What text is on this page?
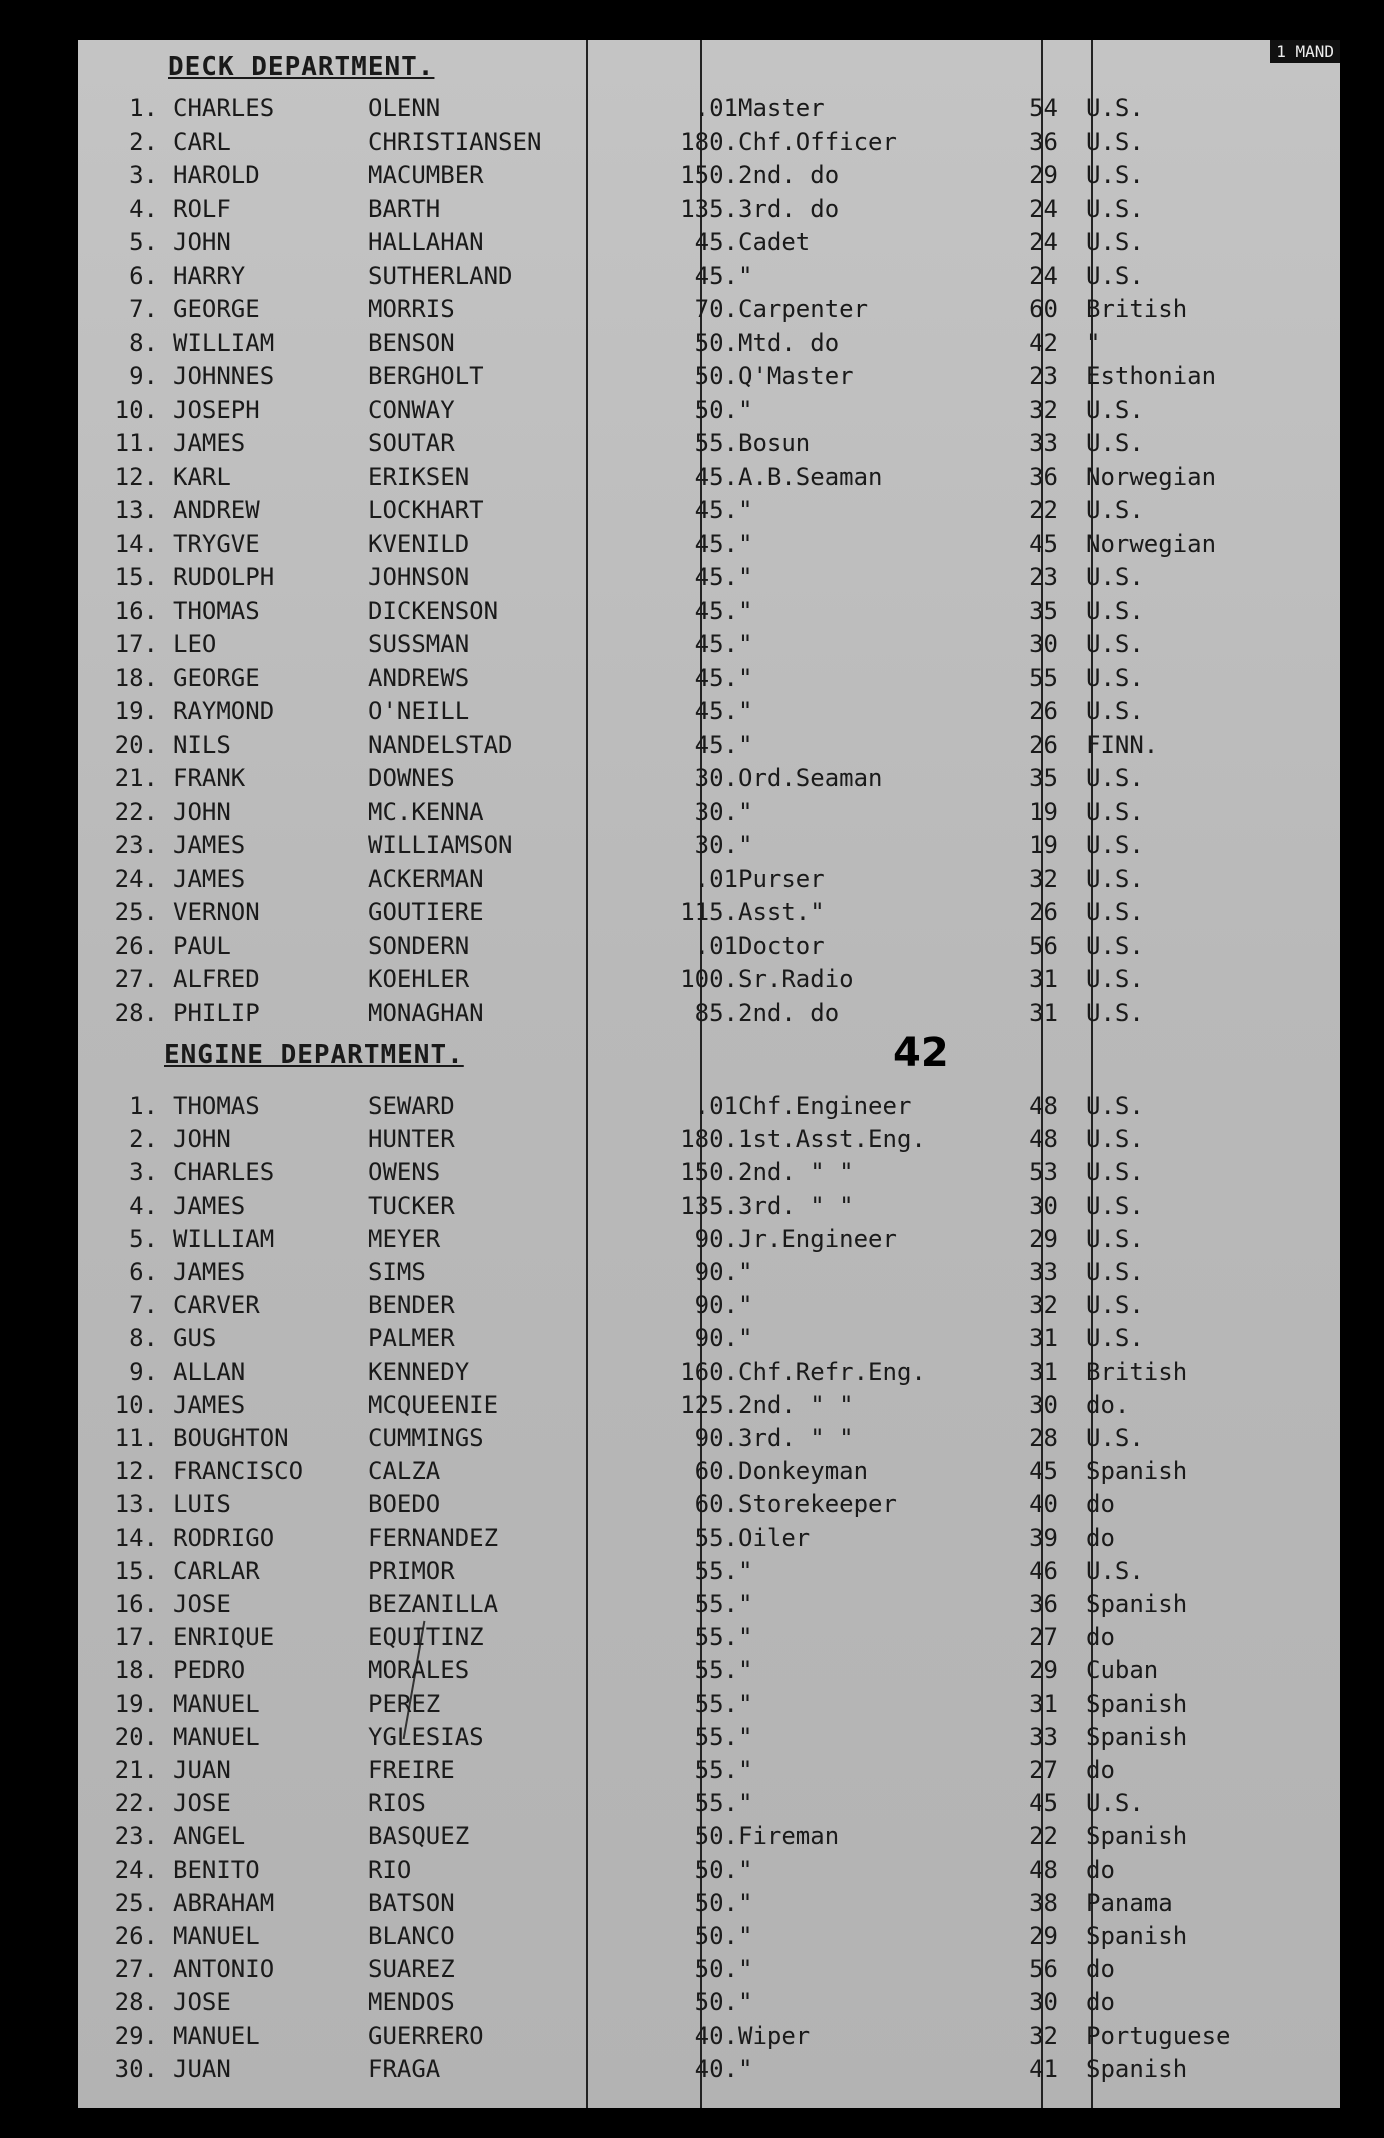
1 MAND
DECK DEPARTMENT.
1. CHARLES	OLENN	.01 Master	54 U.S.
2. CARL	CHRISTIANSEN	180. Chf.Officer	36 U.S.
3. HAROLD	MACUMBER	150. 2nd. do	29 U.S.
4. ROLF	BARTH	135. 3rd. do	24 U.S.
5. JOHN	HALLAHAN	45. Cadet	24 U.S.
6. HARRY	SUTHERLAND	45. "	24 U.S.
7. GEORGE	MORRIS	70. Carpenter	60 British
8. WILLIAM	BENSON	50. Mtd. do	42 "
9. JOHNNES	BERGHOLT	50. Q'Master	23 Esthonian
10. JOSEPH	CONWAY	50. "	32 U.S.
11. JAMES	SOUTAR	55. Bosun	33 U.S.
12. KARL	ERIKSEN	45. A.B.Seaman	36 Norwegian
13. ANDREW	LOCKHART	45. "	22 U.S.
14. TRYGVE	KVENILD	45. "	45 Norwegian
15. RUDOLPH	JOHNSON	45. "	23 U.S.
16. THOMAS	DICKENSON	45. "	35 U.S.
17. LEO	SUSSMAN	45. "	30 U.S.
18. GEORGE	ANDREWS	45. "	55 U.S.
19. RAYMOND	O'NEILL	45. "	26 U.S.
20. NILS	NANDELSTAD	45. "	26 FINN.
21. FRANK	DOWNES	30. Ord.Seaman	35 U.S.
22. JOHN	MC.KENNA	30. "	19 U.S.
23. JAMES	WILLIAMSON	30. "	19 U.S.
24. JAMES	ACKERMAN	.01 Purser	32 U.S.
25. VERNON	GOUTIERE	115. Asst."	26 U.S.
26. PAUL	SONDERN	.01 Doctor	56 U.S.
27. ALFRED	KOEHLER	100. Sr.Radio	31 U.S.
28. PHILIP	MONAGHAN	85. 2nd. do	31 U.S.
42
ENGINE DEPARTMENT.
1. THOMAS	SEWARD	.01 Chf.Engineer	48 U.S.
2. JOHN	HUNTER	180. 1st.Asst.Eng.	48 U.S.
3. CHARLES	OWENS	150. 2nd. " "	53 U.S.
4. JAMES	TUCKER	135. 3rd. " "	30 U.S.
5. WILLIAM	MEYER	90. Jr.Engineer	29 U.S.
6. JAMES	SIMS	90. "	33 U.S.
7. CARVER	BENDER	90. "	32 U.S.
8. GUS	PALMER	90. "	31 U.S.
9. ALLAN	KENNEDY	160. Chf.Refr.Eng.	31 British
10. JAMES	MCQUEENIE	125. 2nd. " "	30 do.
11. BOUGHTON	CUMMINGS	90. 3rd. " "	28 U.S.
12. FRANCISCO	CALZA	60. Donkeyman	45 Spanish
13. LUIS	BOEDO	60. Storekeeper	40 do
14. RODRIGO	FERNANDEZ	55. Oiler	39 do
15. CARLAR	PRIMOR	55. "	46 U.S.
16. JOSE	BEZANILLA	55. "	36 Spanish
17. ENRIQUE	EQUITINZ	55. "	27 do
18. PEDRO	MORALES	55. "	29 Cuban
19. MANUEL	PEREZ	55. "	31 Spanish
20. MANUEL	YGLESIAS	55. "	33 Spanish
21. JUAN	FREIRE	55. "	27 do
22. JOSE	RIOS	55. "	45 U.S.
23. ANGEL	BASQUEZ	50. Fireman	22 Spanish
24. BENITO	RIO	50. "	48 do
25. ABRAHAM	BATSON	50. "	38 Panama
26. MANUEL	BLANCO	50. "	29 Spanish
27. ANTONIO	SUAREZ	50. "	56 do
28. JOSE	MENDOS	50. "	30 do
29. MANUEL	GUERRERO	40. Wiper	32 Portuguese
30. JUAN	FRAGA	40. "	41 Spanish
